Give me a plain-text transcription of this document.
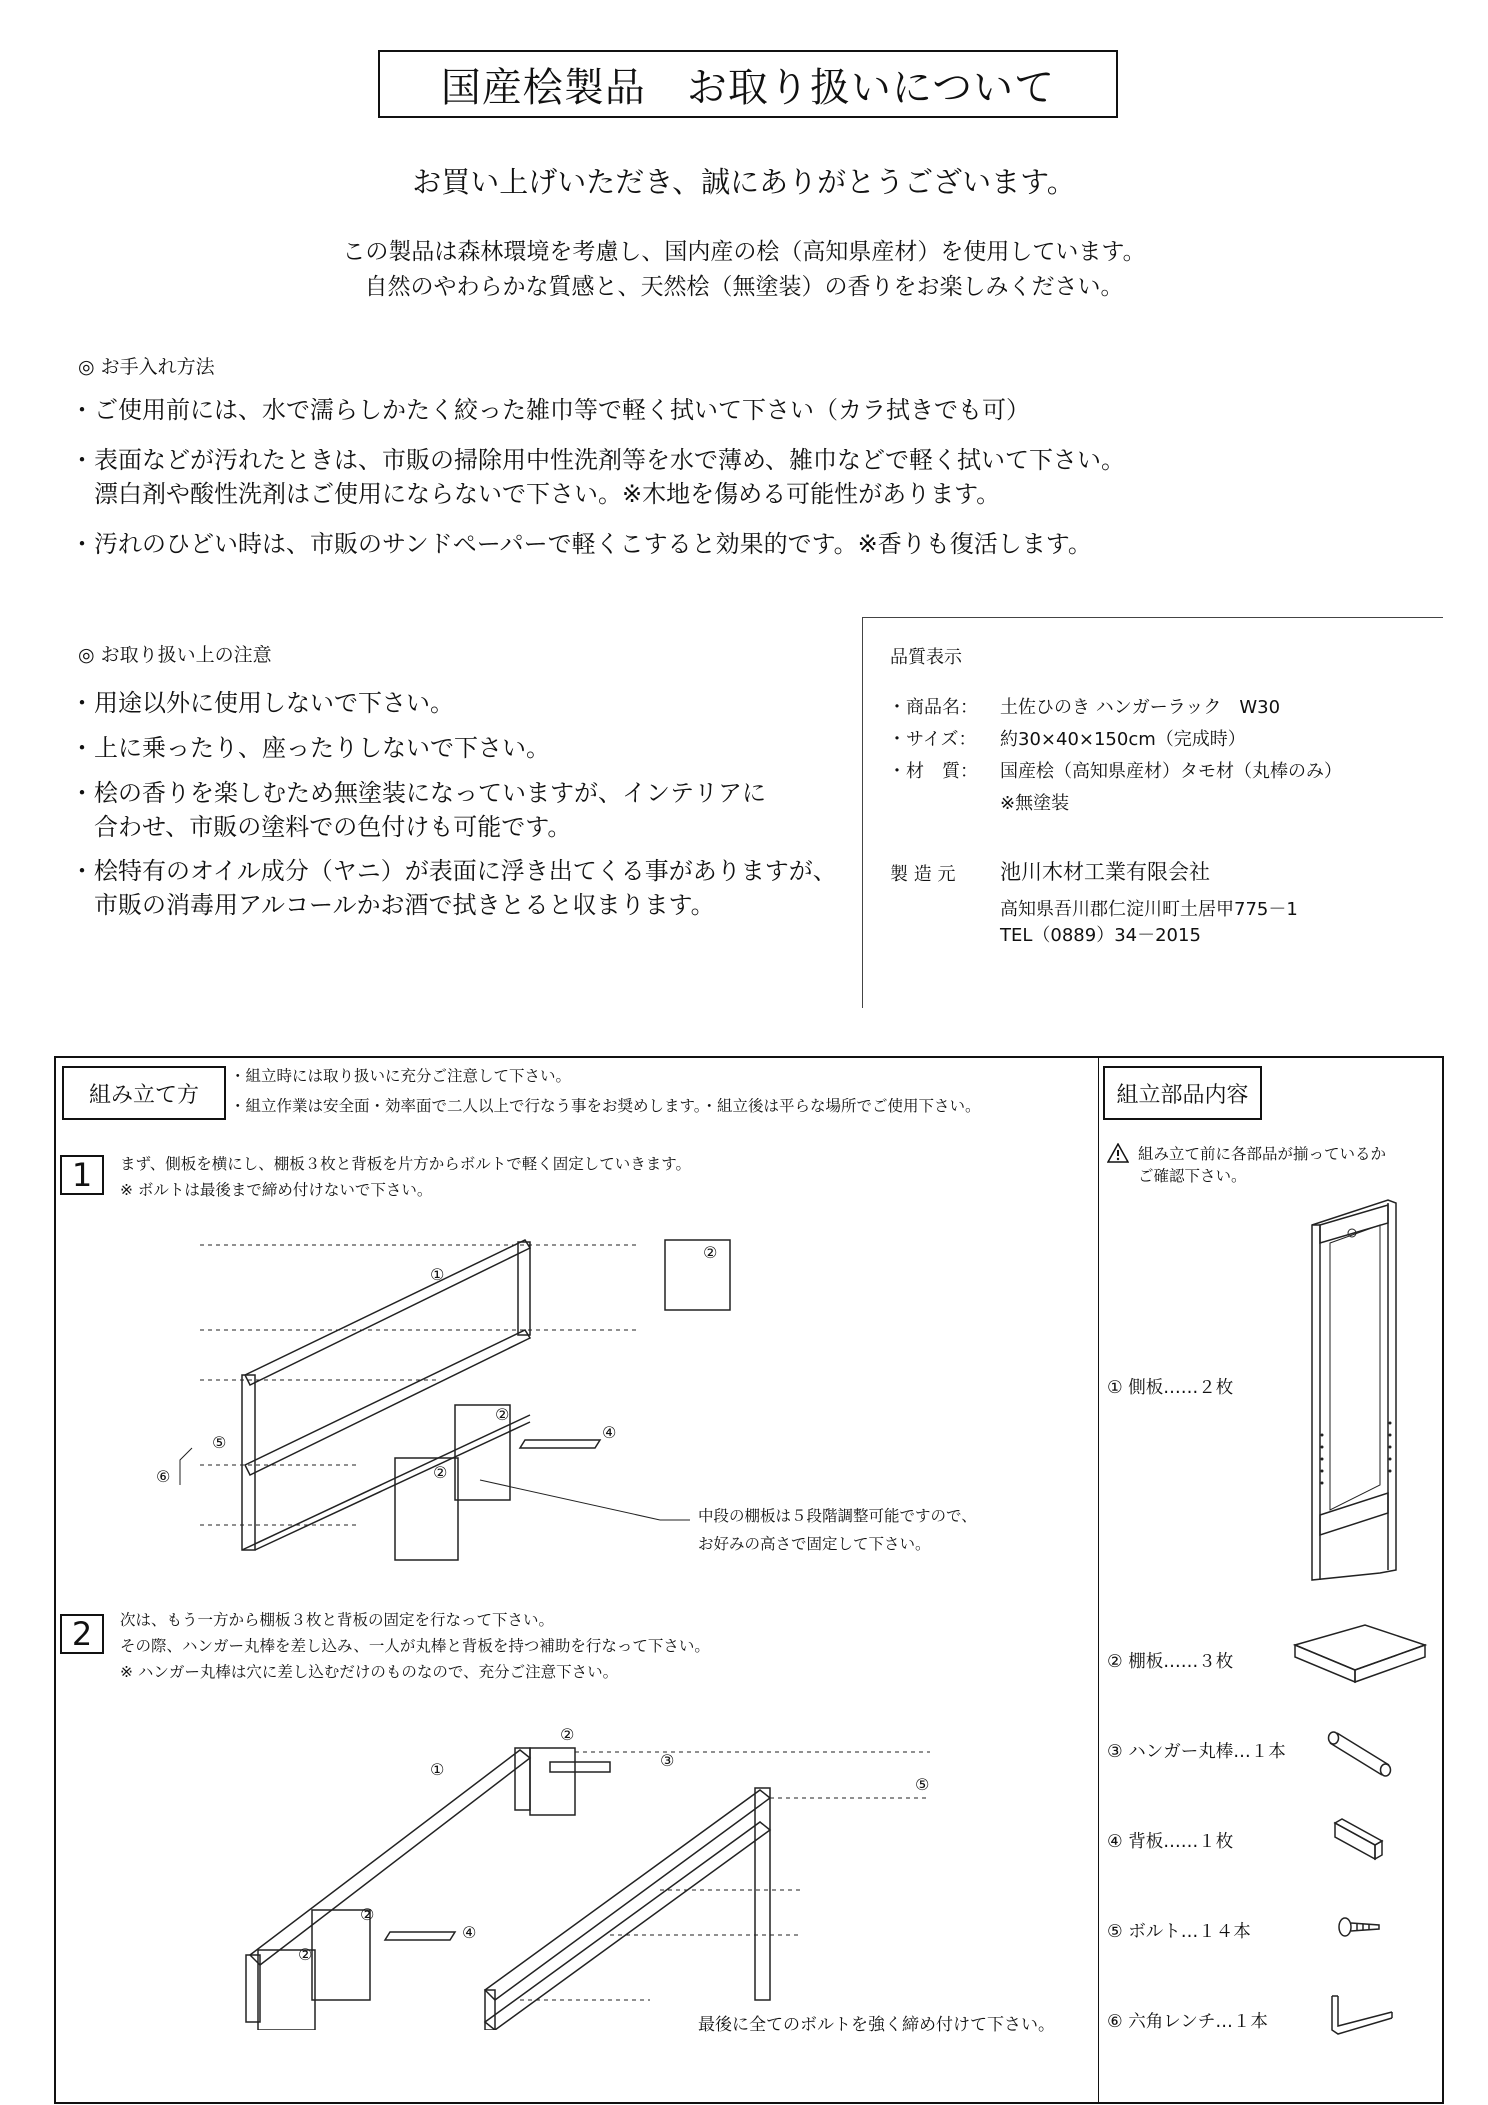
国産桧製品　お取り扱いについて
お買い上げいただき、誠にありがとうございます。
この製品は森林環境を考慮し、国内産の桧（高知県産材）を使用しています。
自然のやわらかな質感と、天然桧（無塗装）の香りをお楽しみください。
◎ お手入れ方法
・ご使用前には、水で濡らしかたく絞った雑巾等で軽く拭いて下さい（カラ拭きでも可）
・表面などが汚れたときは、市販の掃除用中性洗剤等を水で薄め、雑巾などで軽く拭いて下さい。
　漂白剤や酸性洗剤はご使用にならないで下さい。※木地を傷める可能性があります。
・汚れのひどい時は、市販のサンドペーパーで軽くこすると効果的です。※香りも復活します。
◎ お取り扱い上の注意
・用途以外に使用しないで下さい。
・上に乗ったり、座ったりしないで下さい。
・桧の香りを楽しむため無塗装になっていますが、インテリアに
　合わせ、市販の塗料での色付けも可能です。
・桧特有のオイル成分（ヤニ）が表面に浮き出てくる事がありますが、
　市販の消毒用アルコールかお酒で拭きとると収まります。
品質表示
・商品名： 土佐ひのき ハンガーラック　W30
・サイズ： 約30×40×150cm（完成時）
・材　質： 国産桧（高知県産材）タモ材（丸棒のみ）
※無塗装
製 造 元 池川木材工業有限会社
高知県吾川郡仁淀川町土居甲775－1
TEL（0889）34－2015
組み立て方
・組立時には取り扱いに充分ご注意して下さい。
・組立作業は安全面・効率面で二人以上で行なう事をお奨めします。・組立後は平らな場所でご使用下さい。	組立部品内容
1	まず、側板を横にし、棚板３枚と背板を片方からボルトで軽く固定していきます。
※ ボルトは最後まで締め付けないで下さい。
中段の棚板は５段階調整可能ですので、
お好みの高さで固定して下さい。
2	次は、もう一方から棚板３枚と背板の固定を行なって下さい。
その際、ハンガー丸棒を差し込み、一人が丸棒と背板を持つ補助を行なって下さい。
※ ハンガー丸棒は穴に差し込むだけのものなので、充分ご注意下さい。
最後に全てのボルトを強く締め付けて下さい。
①
②
②
②
④
⑤
⑥
①
②
②
②
③
④
⑤
組み立て前に各部品が揃っているか
ご確認下さい。
① 側板……２枚
② 棚板……３枚
③ ハンガー丸棒…１本
④ 背板……１枚
⑤ ボルト…１４本
⑥ 六角レンチ…１本
